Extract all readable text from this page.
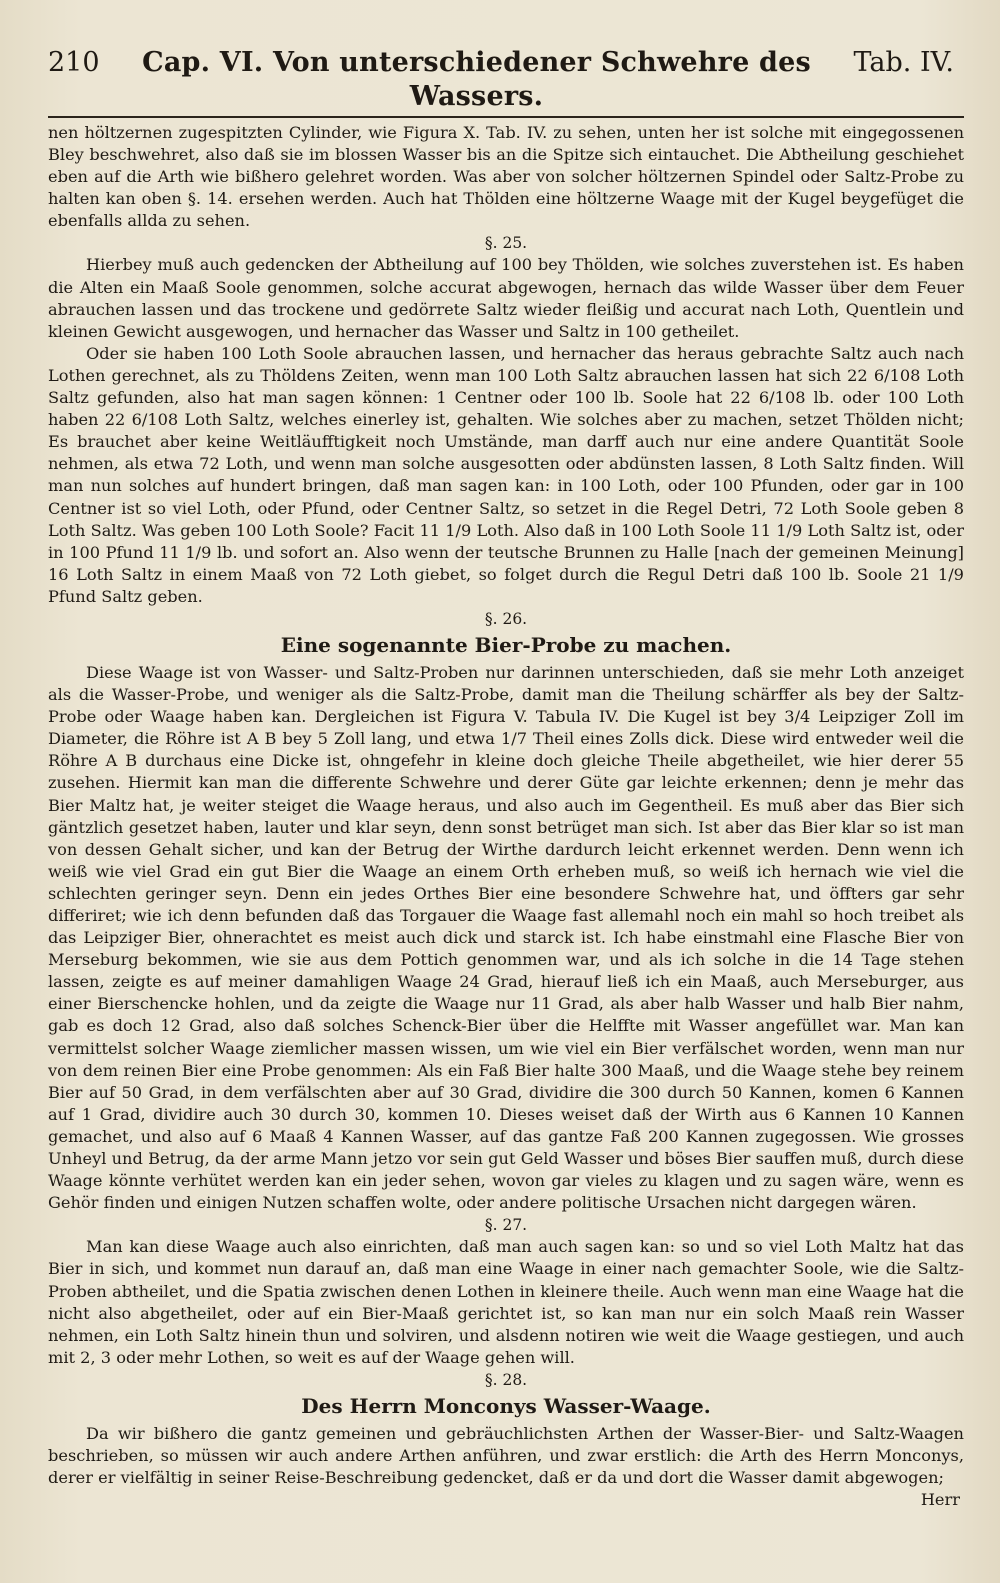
210	Cap. VI. Von unterschiedener Schwehre des Wassers.
Tab. IV.

nen höltzernen zugespitzten Cylinder, wie Figura X. Tab. IV. zu sehen, unten her ist solche mit eingegossenen Bley beschwehret, also daß sie im blossen Wasser bis an die Spitze sich eintauchet. Die Abtheilung geschiehet eben auf die Arth wie bißhero gelehret worden. Was aber von solcher höltzernen Spindel oder Saltz-Probe zu halten kan oben §. 14. ersehen werden. Auch hat Thölden eine höltzerne Waage mit der Kugel beygefüget die ebenfalls allda zu sehen.

§. 25.

Hierbey muß auch gedencken der Abtheilung auf 100 bey Thölden, wie solches zuverstehen ist. Es haben die Alten ein Maaß Soole genommen, solche accurat abgewogen, hernach das wilde Wasser über dem Feuer abrauchen lassen und das trockene und gedörrete Saltz wieder fleißig und accurat nach Loth, Quentlein und kleinen Gewicht ausgewogen, und hernacher das Wasser und Saltz in 100 getheilet.

Oder sie haben 100 Loth Soole abrauchen lassen, und hernacher das heraus gebrachte Saltz auch nach Lothen gerechnet, als zu Thöldens Zeiten, wenn man 100 Loth Saltz abrauchen lassen hat sich 22 6/108 Loth Saltz gefunden, also hat man sagen können: 1 Centner oder 100 lb. Soole hat 22 6/108 lb. oder 100 Loth haben 22 6/108 Loth Saltz, welches einerley ist, gehalten. Wie solches aber zu machen, setzet Thölden nicht; Es brauchet aber keine Weitläufftigkeit noch Umstände, man darff auch nur eine andere Quantität Soole nehmen, als etwa 72 Loth, und wenn man solche ausgesotten oder abdünsten lassen, 8 Loth Saltz finden. Will man nun solches auf hundert bringen, daß man sagen kan: in 100 Loth, oder 100 Pfunden, oder gar in 100 Centner ist so viel Loth, oder Pfund, oder Centner Saltz, so setzet in die Regel Detri, 72 Loth Soole geben 8 Loth Saltz. Was geben 100 Loth Soole? Facit 11 1/9 Loth. Also daß in 100 Loth Soole 11 1/9 Loth Saltz ist, oder in 100 Pfund 11 1/9 lb. und sofort an. Also wenn der teutsche Brunnen zu Halle [nach der gemeinen Meinung] 16 Loth Saltz in einem Maaß von 72 Loth giebet, so folget durch die Regul Detri daß 100 lb. Soole 21 1/9 Pfund Saltz geben.

§. 26.
Eine sogenannte Bier-Probe zu machen.

Diese Waage ist von Wasser- und Saltz-Proben nur darinnen unterschieden, daß sie mehr Loth anzeiget als die Wasser-Probe, und weniger als die Saltz-Probe, damit man die Theilung schärffer als bey der Saltz-Probe oder Waage haben kan. Dergleichen ist Figura V. Tabula IV. Die Kugel ist bey 3/4 Leipziger Zoll im Diameter, die Röhre ist A B bey 5 Zoll lang, und etwa 1/7 Theil eines Zolls dick. Diese wird entweder weil die Röhre A B durchaus eine Dicke ist, ohngefehr in kleine doch gleiche Theile abgetheilet, wie hier derer 55 zusehen. Hiermit kan man die differente Schwehre und derer Güte gar leichte erkennen; denn je mehr das Bier Maltz hat, je weiter steiget die Waage heraus, und also auch im Gegentheil. Es muß aber das Bier sich gäntzlich gesetzet haben, lauter und klar seyn, denn sonst betrüget man sich. Ist aber das Bier klar so ist man von dessen Gehalt sicher, und kan der Betrug der Wirthe dardurch leicht erkennet werden. Denn wenn ich weiß wie viel Grad ein gut Bier die Waage an einem Orth erheben muß, so weiß ich hernach wie viel die schlechten geringer seyn. Denn ein jedes Orthes Bier eine besondere Schwehre hat, und öffters gar sehr differiret; wie ich denn befunden daß das Torgauer die Waage fast allemahl noch ein mahl so hoch treibet als das Leipziger Bier, ohnerachtet es meist auch dick und starck ist. Ich habe einstmahl eine Flasche Bier von Merseburg bekommen, wie sie aus dem Pottich genommen war, und als ich solche in die 14 Tage stehen lassen, zeigte es auf meiner damahligen Waage 24 Grad, hierauf ließ ich ein Maaß, auch Merseburger, aus einer Bierschencke hohlen, und da zeigte die Waage nur 11 Grad, als aber halb Wasser und halb Bier nahm, gab es doch 12 Grad, also daß solches Schenck-Bier über die Helffte mit Wasser angefüllet war. Man kan vermittelst solcher Waage ziemlicher massen wissen, um wie viel ein Bier verfälschet worden, wenn man nur von dem reinen Bier eine Probe genommen: Als ein Faß Bier halte 300 Maaß, und die Waage stehe bey reinem Bier auf 50 Grad, in dem verfälschten aber auf 30 Grad, dividire die 300 durch 50 Kannen, komen 6 Kannen auf 1 Grad, dividire auch 30 durch 30, kommen 10. Dieses weiset daß der Wirth aus 6 Kannen 10 Kannen gemachet, und also auf 6 Maaß 4 Kannen Wasser, auf das gantze Faß 200 Kannen zugegossen. Wie grosses Unheyl und Betrug, da der arme Mann jetzo vor sein gut Geld Wasser und böses Bier sauffen muß, durch diese Waage könnte verhütet werden kan ein jeder sehen, wovon gar vieles zu klagen und zu sagen wäre, wenn es Gehör finden und einigen Nutzen schaffen wolte, oder andere politische Ursachen nicht dargegen wären.

§. 27.

Man kan diese Waage auch also einrichten, daß man auch sagen kan: so und so viel Loth Maltz hat das Bier in sich, und kommet nun darauf an, daß man eine Waage in einer nach gemachter Soole, wie die Saltz-Proben abtheilet, und die Spatia zwischen denen Lothen in kleinere theile. Auch wenn man eine Waage hat die nicht also abgetheilet, oder auf ein Bier-Maaß gerichtet ist, so kan man nur ein solch Maaß rein Wasser nehmen, ein Loth Saltz hinein thun und solviren, und alsdenn notiren wie weit die Waage gestiegen, und auch mit 2, 3 oder mehr Lothen, so weit es auf der Waage gehen will.

§. 28.
Des Herrn Monconys Wasser-Waage.

Da wir bißhero die gantz gemeinen und gebräuchlichsten Arthen der Wasser-Bier- und Saltz-Waagen beschrieben, so müssen wir auch andere Arthen anführen, und zwar erstlich: die Arth des Herrn Monconys, derer er vielfältig in seiner Reise-Beschreibung gedencket, daß er da und dort die Wasser damit abgewogen;

Herr
